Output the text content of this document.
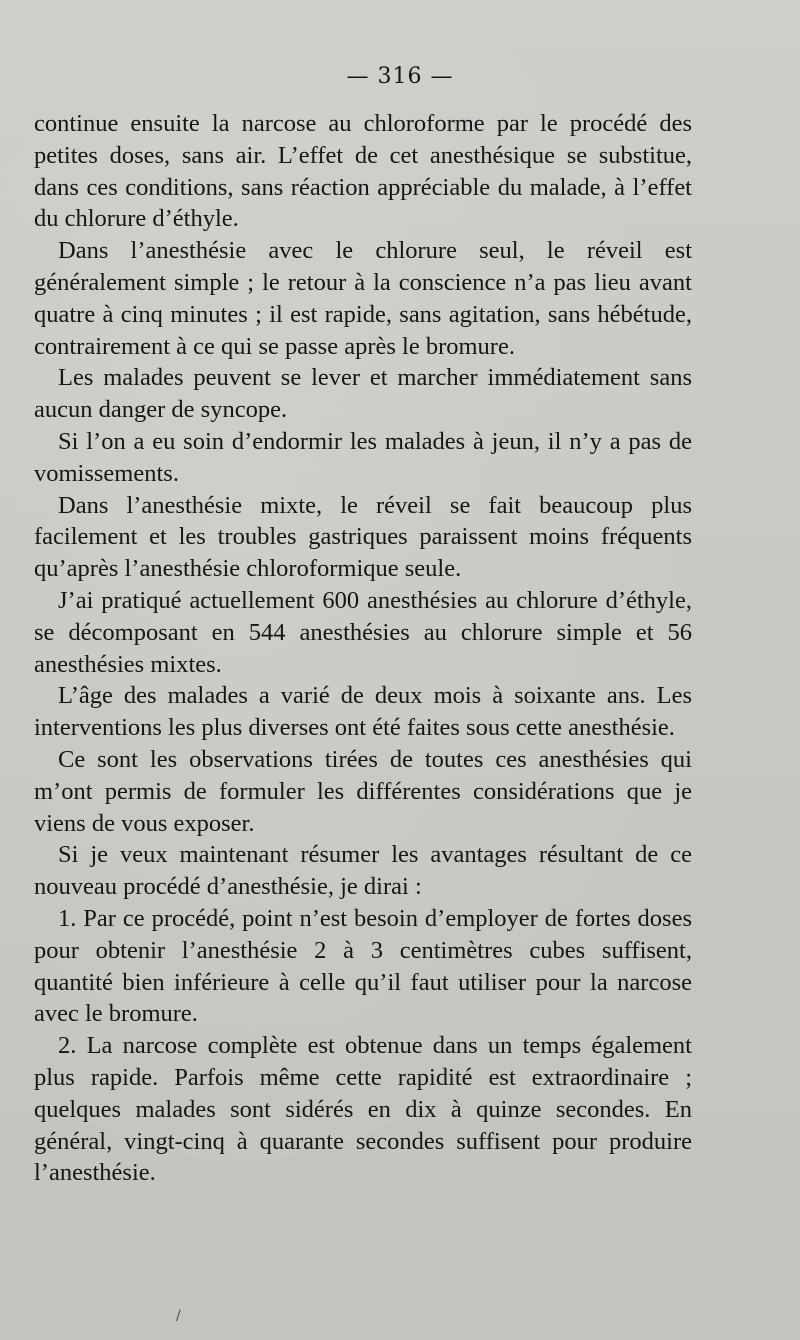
— 316 —

continue ensuite la narcose au chloroforme par le procédé des petites doses, sans air. L’effet de cet anesthésique se substitue, dans ces conditions, sans réaction appréciable du malade, à l’effet du chlorure d’éthyle.

Dans l’anesthésie avec le chlorure seul, le réveil est généralement simple ; le retour à la conscience n’a pas lieu avant quatre à cinq minutes ; il est rapide, sans agitation, sans hébétude, contrairement à ce qui se passe après le bromure.

Les malades peuvent se lever et marcher immédiatement sans aucun danger de syncope.

Si l’on a eu soin d’endormir les malades à jeun, il n’y a pas de vomissements.

Dans l’anesthésie mixte, le réveil se fait beaucoup plus facilement et les troubles gastriques paraissent moins fréquents qu’après l’anesthésie chloroformique seule.

J’ai pratiqué actuellement 600 anesthésies au chlorure d’éthyle, se décomposant en 544 anesthésies au chlorure simple et 56 anesthésies mixtes.

L’âge des malades a varié de deux mois à soixante ans. Les interventions les plus diverses ont été faites sous cette anesthésie.

Ce sont les observations tirées de toutes ces anesthésies qui m’ont permis de formuler les différentes considérations que je viens de vous exposer.

Si je veux maintenant résumer les avantages résultant de ce nouveau procédé d’anesthésie, je dirai :

1. Par ce procédé, point n’est besoin d’employer de fortes doses pour obtenir l’anesthésie 2 à 3 centimètres cubes suffisent, quantité bien inférieure à celle qu’il faut utiliser pour la narcose avec le bromure.

2. La narcose complète est obtenue dans un temps également plus rapide. Parfois même cette rapidité est extraordinaire ; quelques malades sont sidérés en dix à quinze secondes. En général, vingt-cinq à quarante secondes suffisent pour produire l’anesthésie.

/
